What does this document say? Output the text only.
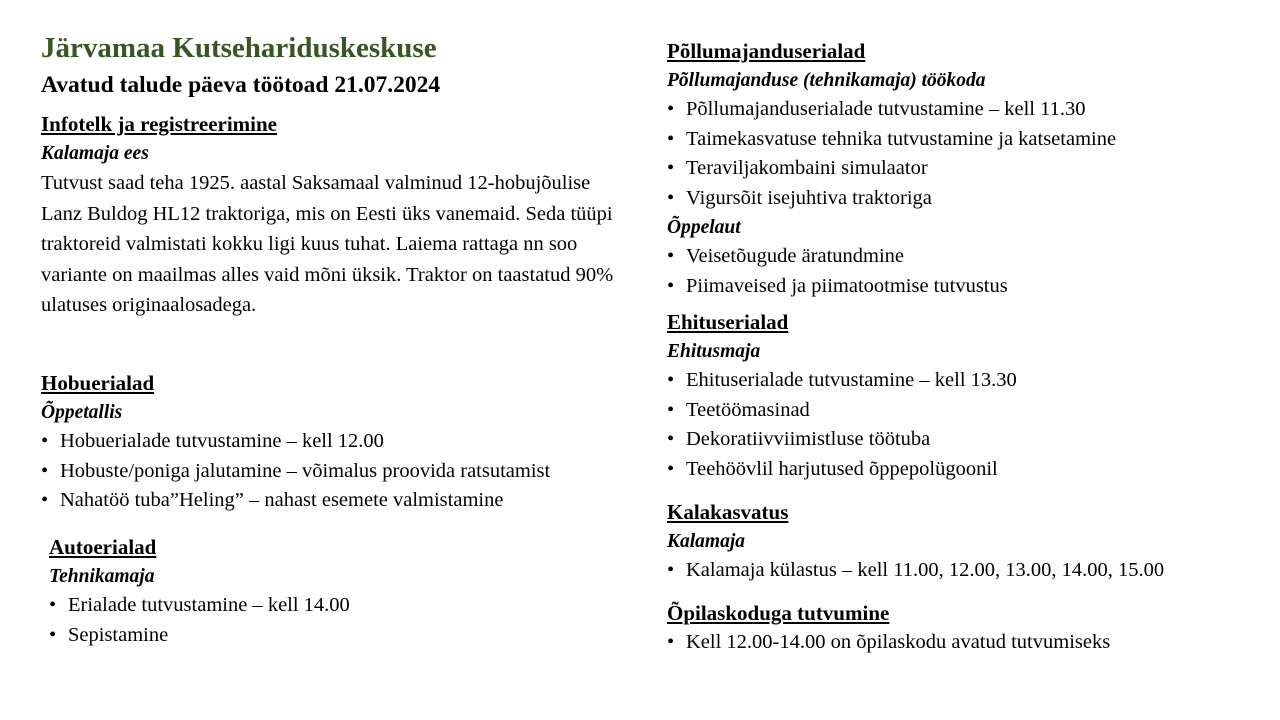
Järvamaa Kutsehariduskeskuse
Avatud talude päeva töötoad 21.07.2024
Infotelk ja registreerimine
Kalamaja ees
Tutvust saad teha 1925. aastal Saksamaal valminud 12-hobujõulise Lanz Buldog HL12 traktoriga, mis on Eesti üks vanemaid. Seda tüüpi traktoreid valmistati kokku ligi kuus tuhat. Laiema rattaga nn soo variante on maailmas alles vaid mõni üksik. Traktor on taastatud 90% ulatuses originaalosadega.
Hobuerialad
Õppetallis
• Hobuerialade tutvustamine – kell 12.00
• Hobuste/poniga jalutamine – võimalus proovida ratsutamist
• Nahatöö tuba”Heling” – nahast esemete valmistamine
Autoerialad
Tehnikamaja
• Erialade tutvustamine – kell 14.00
• Sepistamine
Põllumajanduserialad
Põllumajanduse (tehnikamaja) töökoda
• Põllumajanduserialade tutvustamine – kell 11.30
• Taimekasvatuse tehnika tutvustamine ja katsetamine
• Teraviljakombaini simulaator
• Vigursõit isejuhtiva traktoriga
Õppelaut
• Veisetõugude äratundmine
• Piimaveised ja piimatootmise tutvustus
Ehituserialad
Ehitusmaja
• Ehituserialade tutvustamine – kell 13.30
• Teetöömasinad
• Dekoratiivviimistluse töötuba
• Teehöövlil harjutused õppepolügoonil
Kalakasvatus
Kalamaja
• Kalamaja külastus – kell 11.00, 12.00, 13.00, 14.00, 15.00
Õpilaskoduga tutvumine
• Kell 12.00-14.00 on õpilaskodu avatud tutvumiseks
